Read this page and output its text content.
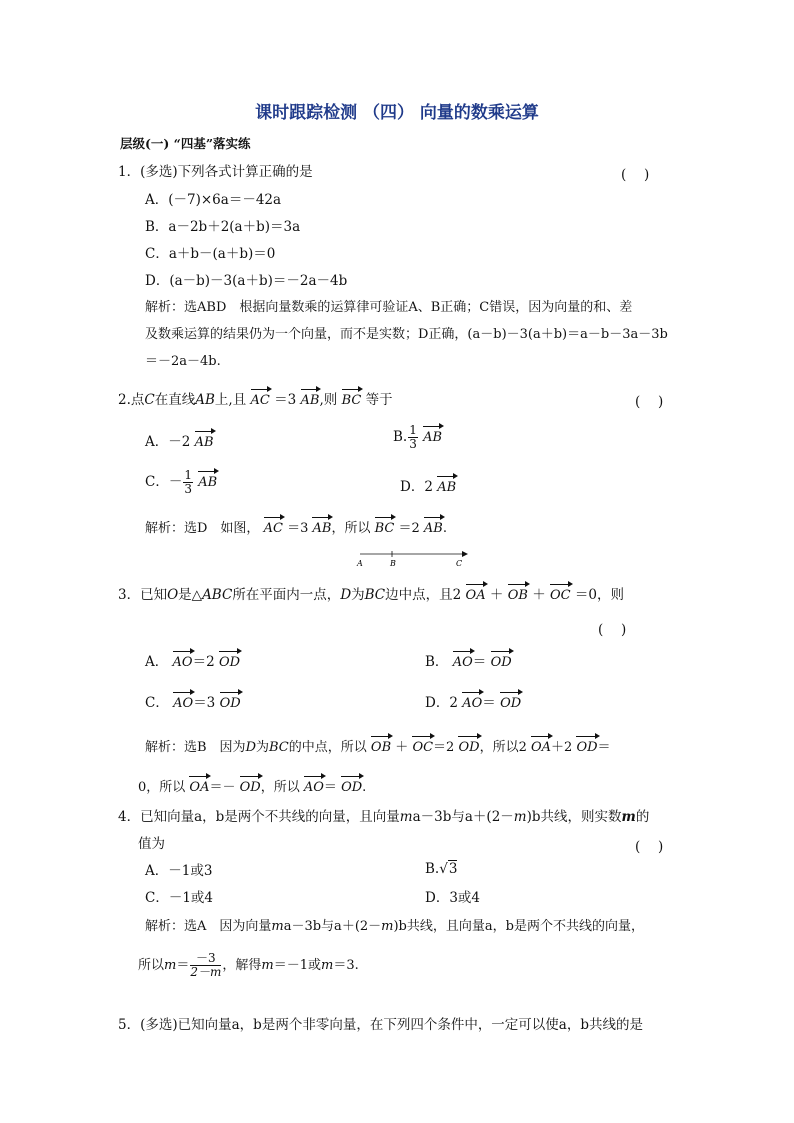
课时跟踪检测 （四） 向量的数乘运算
层级(一) “四基”落实练
1．(多选)下列各式计算正确的是	(　 )
A．(－7)×6a＝－42a
B．a－2b＋2(a＋b)＝3a
C．a＋b－(a＋b)＝0
D．(a－b)－3(a＋b)＝－2a－4b
解析：选ABD　根据向量数乘的运算律可验证A、B正确；C错误，因为向量的和、差
及数乘运算的结果仍为一个向量，而不是实数；D正确，(a－b)－3(a＋b)＝a－b－3a－3b
＝－2a－4b.
2.点C在直线AB上,且 AC ＝3 AB,则 BC 等于	(　 )
A．－2 AB	B. $\frac{1}{3}$ AB
C．－ $\frac{1}{3}$ AB	D．2 AB
解析：选D　如图， AC ＝3 AB，所以 BC ＝2 AB.
A	B	C
3．已知O是△ABC所在平面内一点，D为BC边中点，且2 OA ＋ OB ＋ OC ＝0，则
(　 )
A． AO＝2 OD	B． AO＝ OD
C． AO＝3 OD	D．2 AO＝ OD
解析：选B　因为D为BC的中点，所以 OB ＋ OC＝2 OD，所以2 OA＋2 OD＝
0，所以 OA＝－ OD，所以 AO＝ OD.
4．已知向量a，b是两个不共线的向量，且向量ma－3b与a＋(2－m)b共线，则实数m的
值为	(　 )
A．－1或3	B.√3
C．－1或4	D．3或4
解析：选A　因为向量ma－3b与a＋(2－m)b共线，且向量a，b是两个不共线的向量，
所以$m= \frac{-3}{2-m}$ ，解得m＝－1或m＝3.
5．(多选)已知向量a，b是两个非零向量，在下列四个条件中，一定可以使a，b共线的是
